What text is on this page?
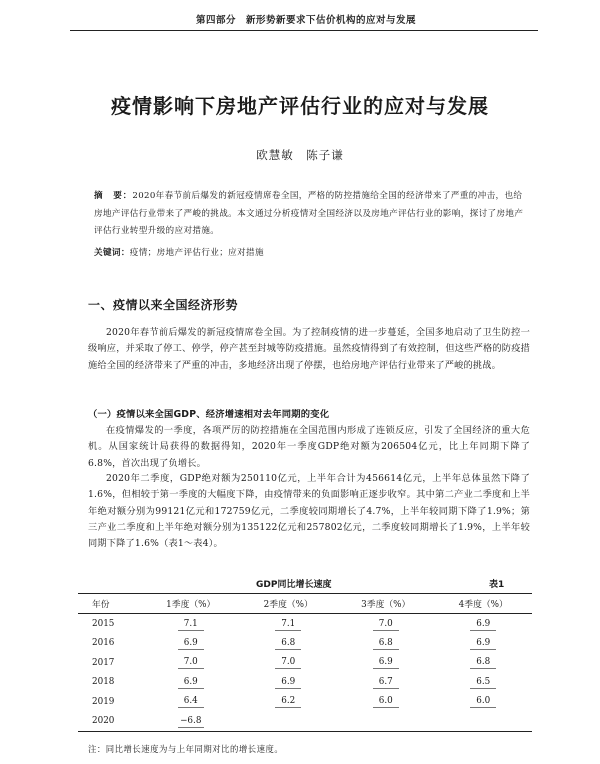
第四部分　新形势新要求下估价机构的应对与发展
疫情影响下房地产评估行业的应对与发展
欧慧敏　陈子谦
摘　要：2020年春节前后爆发的新冠疫情席卷全国，严格的防控措施给全国的经济带来了严重的冲击，也给房地产评估行业带来了严峻的挑战。本文通过分析疫情对全国经济以及房地产评估行业的影响，探讨了房地产评估行业转型升级的应对措施。
关键词：疫情；房地产评估行业；应对措施
一、疫情以来全国经济形势
2020年春节前后爆发的新冠疫情席卷全国。为了控制疫情的进一步蔓延，全国多地启动了卫生防控一级响应，并采取了停工、停学，停产甚至封城等防疫措施。虽然疫情得到了有效控制，但这些严格的防疫措施给全国的经济带来了严重的冲击，多地经济出现了停摆，也给房地产评估行业带来了严峻的挑战。
（一）疫情以来全国GDP、经济增速相对去年同期的变化
在疫情爆发的一季度，各项严厉的防控措施在全国范围内形成了连锁反应，引发了全国经济的重大危机。从国家统计局获得的数据得知，2020年一季度GDP绝对额为206504亿元，比上年同期下降了6.8%，首次出现了负增长。
2020年二季度，GDP绝对额为250110亿元，上半年合计为456614亿元，上半年总体虽然下降了1.6%，但相较于第一季度的大幅度下降，由疫情带来的负面影响正逐步收窄。其中第二产业二季度和上半年绝对额分别为99121亿元和172759亿元，二季度较同期增长了4.7%，上半年较同期下降了1.9%；第三产业二季度和上半年绝对额分别为135122亿元和257802亿元，二季度较同期增长了1.9%，上半年较同期下降了1.6%（表1～表4）。
GDP同比增长速度	表1
年份	1季度（%）	2季度（%）	3季度（%）	4季度（%）
2015	7.1	7.1	7.0	6.9
2016	6.9	6.8	6.8	6.9
2017	7.0	7.0	6.9	6.8
2018	6.9	6.9	6.7	6.5
2019	6.4	6.2	6.0	6.0
2020	−6.8			
注：同比增长速度为与上年同期对比的增长速度。
